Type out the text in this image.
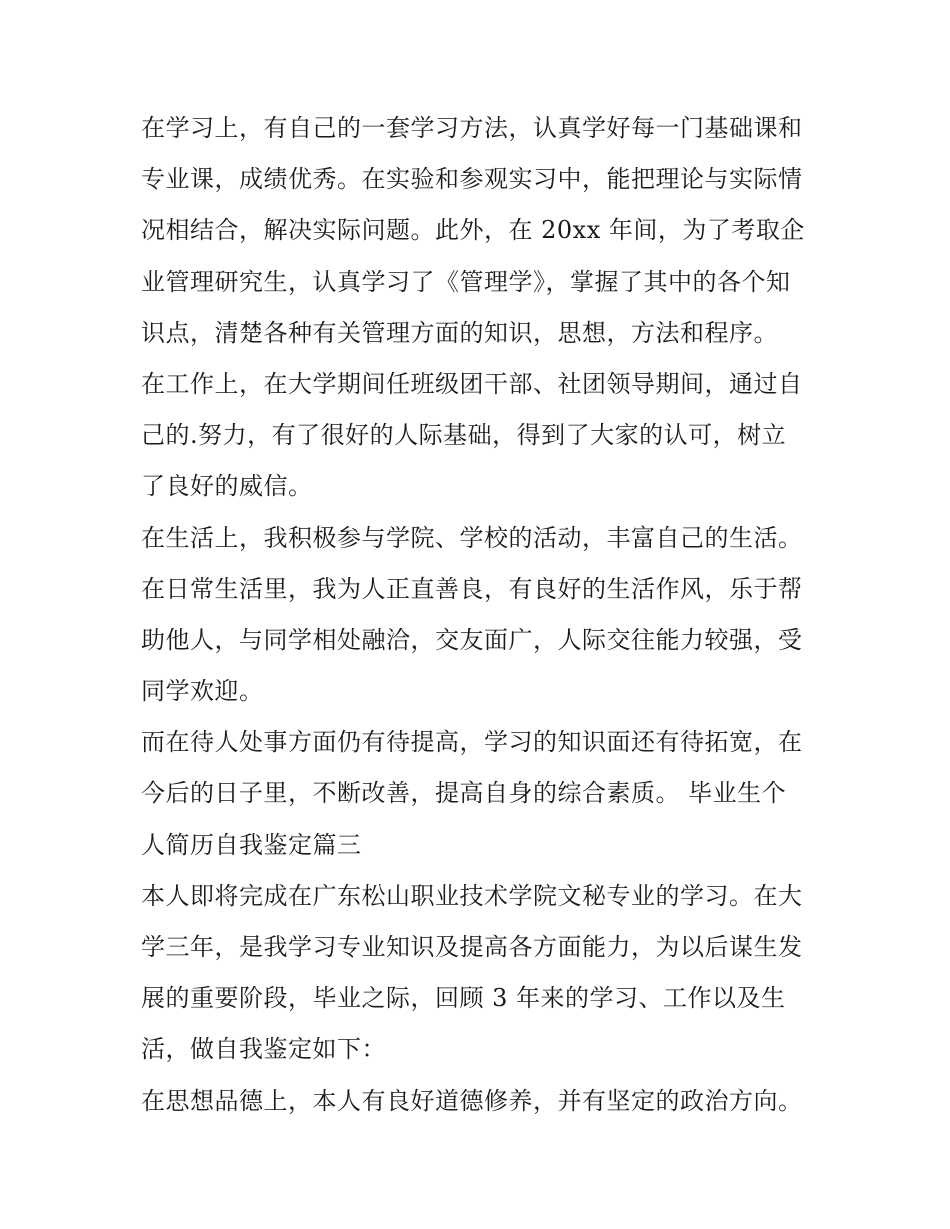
在学习上，有自己的一套学习方法，认真学好每一门基础课和
专业课，成绩优秀。在实验和参观实习中，能把理论与实际情
况相结合，解决实际问题。此外，在 20xx 年间，为了考取企
业管理研究生，认真学习了《管理学》，掌握了其中的各个知
识点，清楚各种有关管理方面的知识，思想，方法和程序。
在工作上，在大学期间任班级团干部、社团领导期间，通过自
己的.努力，有了很好的人际基础，得到了大家的认可，树立
了良好的威信。
在生活上，我积极参与学院、学校的活动，丰富自己的生活。
在日常生活里，我为人正直善良，有良好的生活作风，乐于帮
助他人，与同学相处融洽，交友面广，人际交往能力较强，受
同学欢迎。
而在待人处事方面仍有待提高，学习的知识面还有待拓宽，在
今后的日子里，不断改善，提高自身的综合素质。 毕业生个
人简历自我鉴定篇三
本人即将完成在广东松山职业技术学院文秘专业的学习。在大
学三年，是我学习专业知识及提高各方面能力，为以后谋生发
展的重要阶段，毕业之际，回顾 3 年来的学习、工作以及生
活，做自我鉴定如下：
在思想品德上，本人有良好道德修养，并有坚定的政治方向。
